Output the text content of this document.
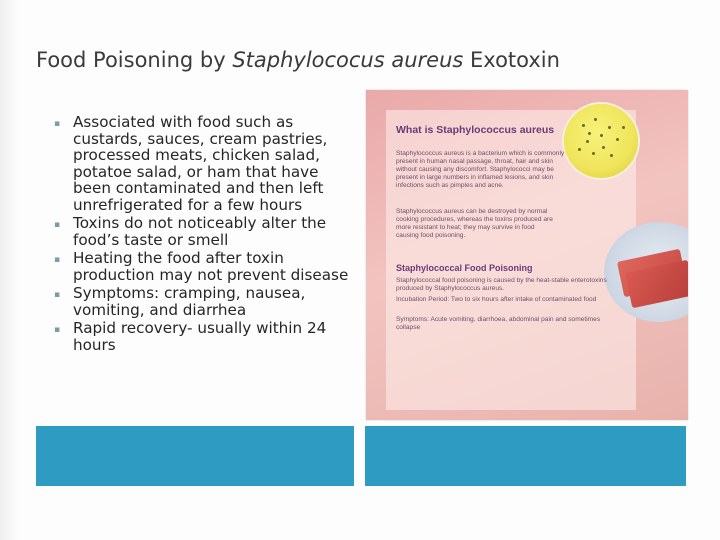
Food Poisoning by Staphylococus aureus Exotoxin
▪ Associated with food such as custards, sauces, cream pastries, processed meats, chicken salad, potatoe salad, or ham that have been contaminated and then left unrefrigerated for a few hours
▪ Toxins do not noticeably alter the food’s taste or smell
▪ Heating the food after toxin production may not prevent disease
▪ Symptoms: cramping, nausea, vomiting, and diarrhea
▪ Rapid recovery- usually within 24 hours
What is Staphylococcus aureus
Staphylococcus aureus is a bacterium which is commonly present in human nasal passage, throat, hair and skin without causing any discomfort. Staphylococci may be present in large numbers in inflamed lesions, and skin infections such as pimples and acne.
Staphylococcus aureus can be destroyed by normal cooking procedures, whereas the toxins produced are more resistant to heat; they may survive in food causing food poisoning.
Staphylococcal Food Poisoning
Staphylococcal food poisoning is caused by the heat-stable enterotoxins produced by Staphylococcus aureus.
Incubation Period: Two to six hours after intake of contaminated food
Symptoms: Acute vomiting, diarrhoea, abdominal pain and sometimes collapse
